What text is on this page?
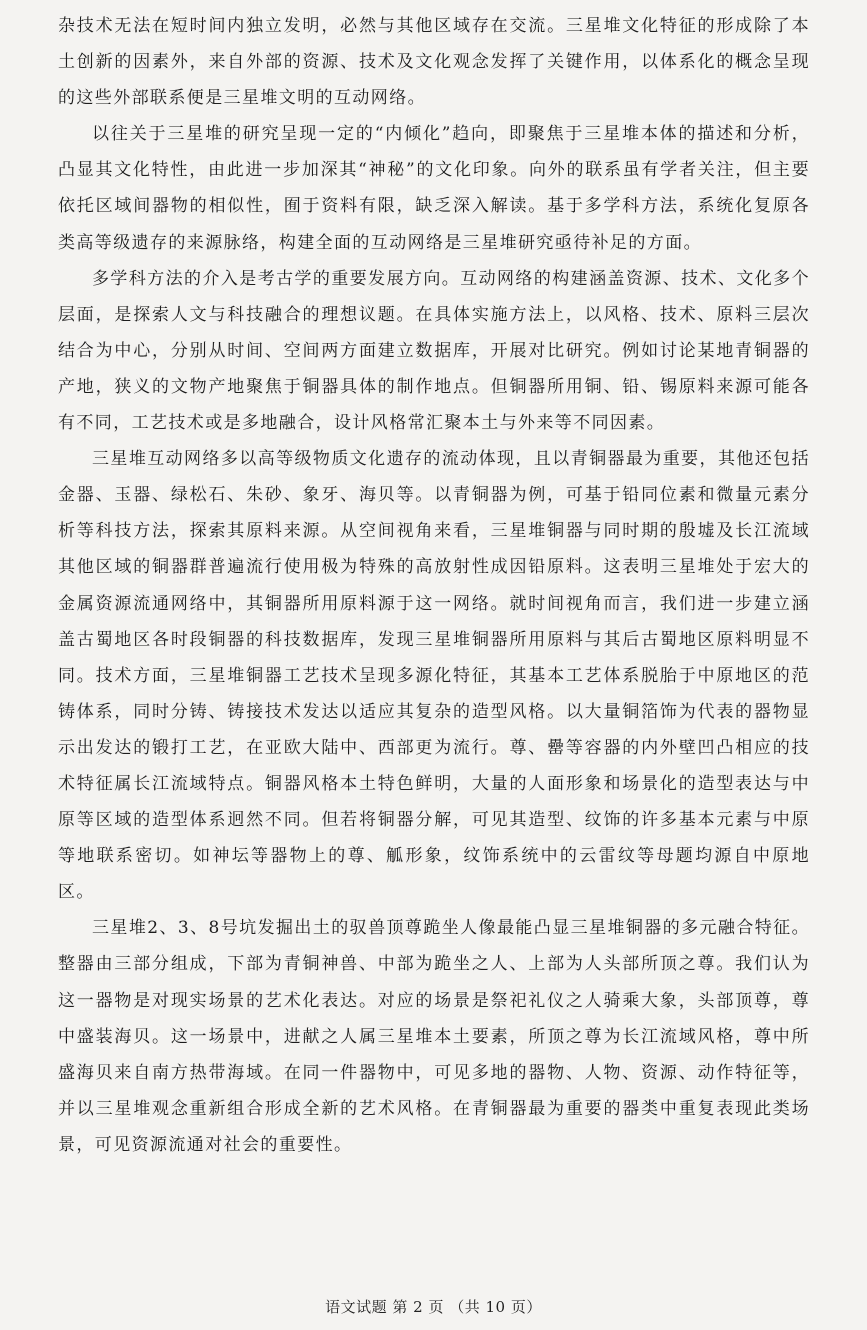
杂技术无法在短时间内独立发明，必然与其他区域存在交流。三星堆文化特征的形成除了本土创新的因素外，来自外部的资源、技术及文化观念发挥了关键作用，以体系化的概念呈现的这些外部联系便是三星堆文明的互动网络。

以往关于三星堆的研究呈现一定的“内倾化”趋向，即聚焦于三星堆本体的描述和分析，凸显其文化特性，由此进一步加深其“神秘”的文化印象。向外的联系虽有学者关注，但主要依托区域间器物的相似性，囿于资料有限，缺乏深入解读。基于多学科方法，系统化复原各类高等级遗存的来源脉络，构建全面的互动网络是三星堆研究亟待补足的方面。

多学科方法的介入是考古学的重要发展方向。互动网络的构建涵盖资源、技术、文化多个层面，是探索人文与科技融合的理想议题。在具体实施方法上，以风格、技术、原料三层次结合为中心，分别从时间、空间两方面建立数据库，开展对比研究。例如讨论某地青铜器的产地，狭义的文物产地聚焦于铜器具体的制作地点。但铜器所用铜、铅、锡原料来源可能各有不同，工艺技术或是多地融合，设计风格常汇聚本土与外来等不同因素。

三星堆互动网络多以高等级物质文化遗存的流动体现，且以青铜器最为重要，其他还包括金器、玉器、绿松石、朱砂、象牙、海贝等。以青铜器为例，可基于铅同位素和微量元素分析等科技方法，探索其原料来源。从空间视角来看，三星堆铜器与同时期的殷墟及长江流域其他区域的铜器群普遍流行使用极为特殊的高放射性成因铅原料。这表明三星堆处于宏大的金属资源流通网络中，其铜器所用原料源于这一网络。就时间视角而言，我们进一步建立涵盖古蜀地区各时段铜器的科技数据库，发现三星堆铜器所用原料与其后古蜀地区原料明显不同。技术方面，三星堆铜器工艺技术呈现多源化特征，其基本工艺体系脱胎于中原地区的范铸体系，同时分铸、铸接技术发达以适应其复杂的造型风格。以大量铜箔饰为代表的器物显示出发达的锻打工艺，在亚欧大陆中、西部更为流行。尊、罍等容器的内外壁凹凸相应的技术特征属长江流域特点。铜器风格本土特色鲜明，大量的人面形象和场景化的造型表达与中原等区域的造型体系迥然不同。但若将铜器分解，可见其造型、纹饰的许多基本元素与中原等地联系密切。如神坛等器物上的尊、觚形象，纹饰系统中的云雷纹等母题均源自中原地区。

三星堆2、3、8号坑发掘出土的驭兽顶尊跪坐人像最能凸显三星堆铜器的多元融合特征。整器由三部分组成，下部为青铜神兽、中部为跪坐之人、上部为人头部所顶之尊。我们认为这一器物是对现实场景的艺术化表达。对应的场景是祭祀礼仪之人骑乘大象，头部顶尊，尊中盛装海贝。这一场景中，进献之人属三星堆本土要素，所顶之尊为长江流域风格，尊中所盛海贝来自南方热带海域。在同一件器物中，可见多地的器物、人物、资源、动作特征等，并以三星堆观念重新组合形成全新的艺术风格。在青铜器最为重要的器类中重复表现此类场景，可见资源流通对社会的重要性。

语文试题 第 2 页 （共 10 页）
